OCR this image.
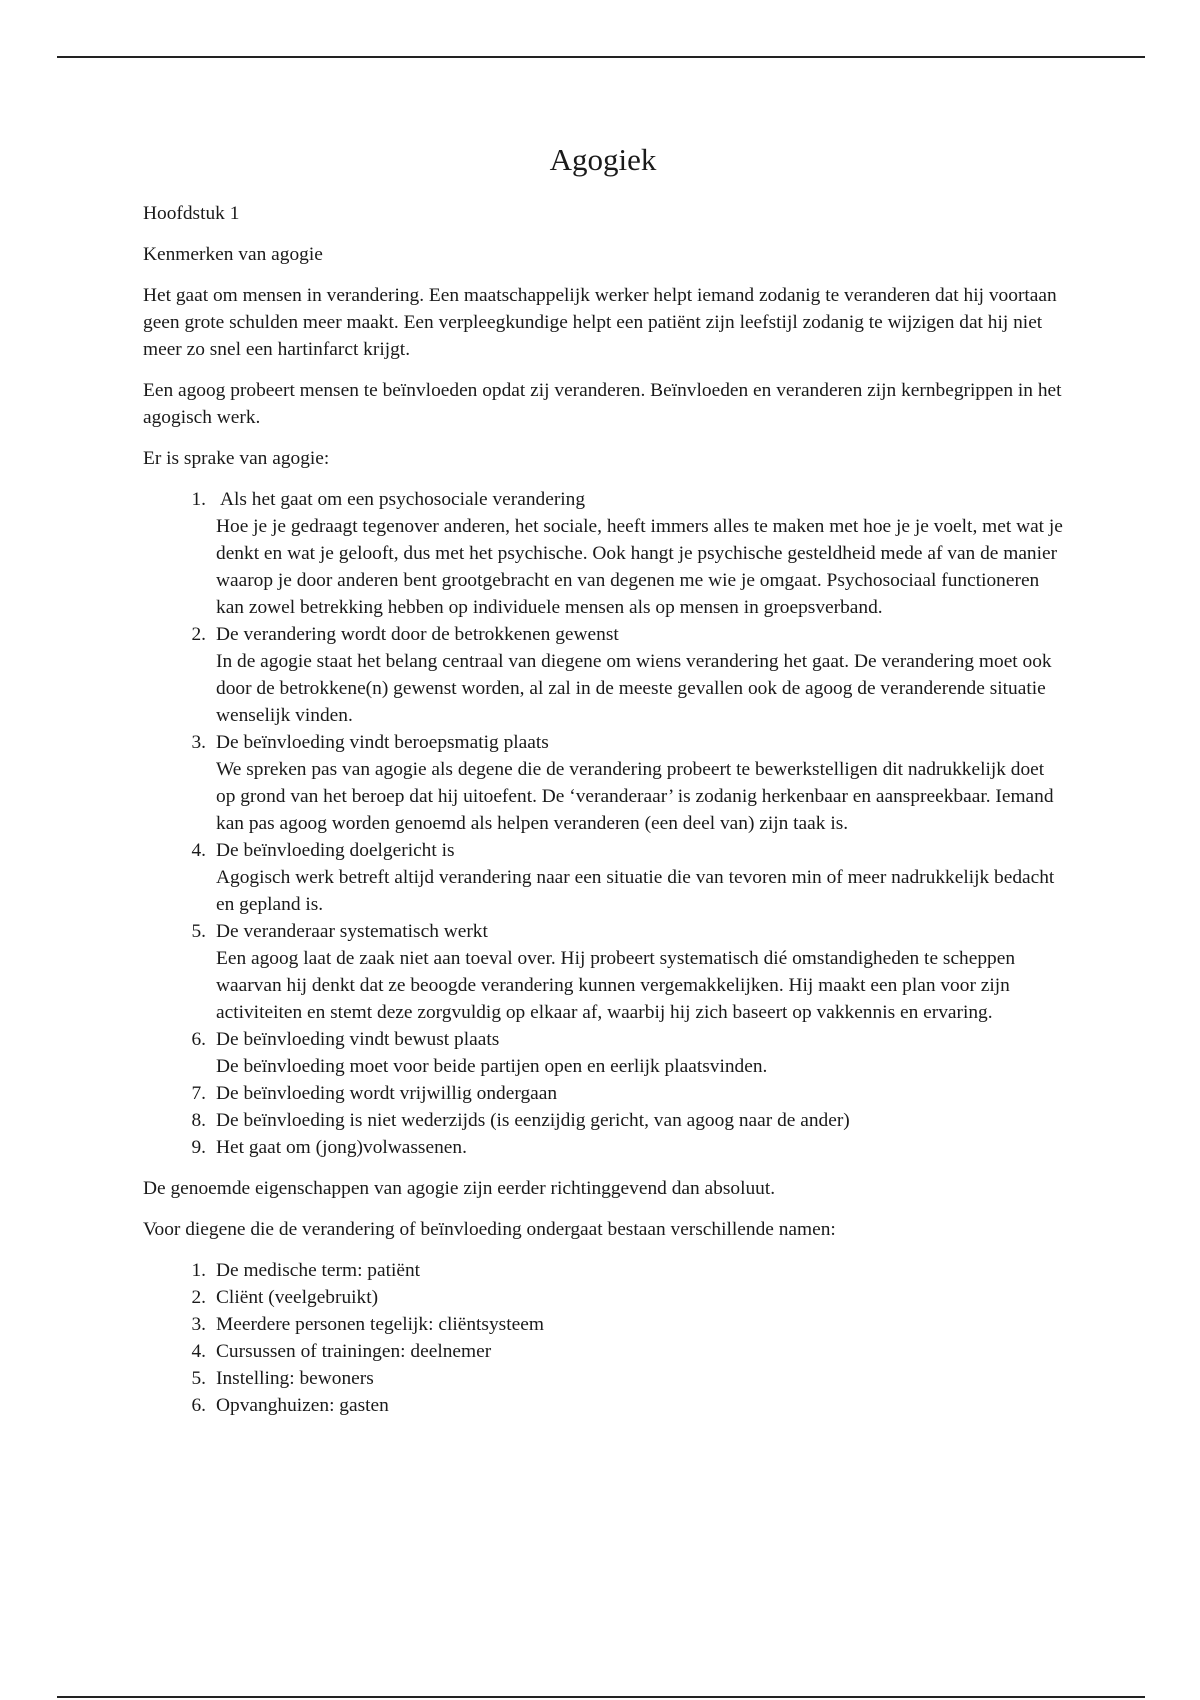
Agogiek

Hoofdstuk 1

Kenmerken van agogie

Het gaat om mensen in verandering. Een maatschappelijk werker helpt iemand zodanig te veranderen dat hij voortaan geen grote schulden meer maakt. Een verpleegkundige helpt een patiënt zijn leefstijl zodanig te wijzigen dat hij niet meer zo snel een hartinfarct krijgt.

Een agoog probeert mensen te beïnvloeden opdat zij veranderen. Beïnvloeden en veranderen zijn kernbegrippen in het agogisch werk.

Er is sprake van agogie:

1. Als het gaat om een psychosociale verandering
Hoe je je gedraagt tegenover anderen, het sociale, heeft immers alles te maken met hoe je je voelt, met wat je denkt en wat je gelooft, dus met het psychische. Ook hangt je psychische gesteldheid mede af van de manier waarop je door anderen bent grootgebracht en van degenen me wie je omgaat. Psychosociaal functioneren kan zowel betrekking hebben op individuele mensen als op mensen in groepsverband.
2. De verandering wordt door de betrokkenen gewenst
In de agogie staat het belang centraal van diegene om wiens verandering het gaat. De verandering moet ook door de betrokkene(n) gewenst worden, al zal in de meeste gevallen ook de agoog de veranderende situatie wenselijk vinden.
3. De beïnvloeding vindt beroepsmatig plaats
We spreken pas van agogie als degene die de verandering probeert te bewerkstelligen dit nadrukkelijk doet op grond van het beroep dat hij uitoefent. De ‘veranderaar’ is zodanig herkenbaar en aanspreekbaar. Iemand kan pas agoog worden genoemd als helpen veranderen (een deel van) zijn taak is.
4. De beïnvloeding doelgericht is
Agogisch werk betreft altijd verandering naar een situatie die van tevoren min of meer nadrukkelijk bedacht en gepland is.
5. De veranderaar systematisch werkt
Een agoog laat de zaak niet aan toeval over. Hij probeert systematisch dié omstandigheden te scheppen waarvan hij denkt dat ze beoogde verandering kunnen vergemakkelijken. Hij maakt een plan voor zijn activiteiten en stemt deze zorgvuldig op elkaar af, waarbij hij zich baseert op vakkennis en ervaring.
6. De beïnvloeding vindt bewust plaats
De beïnvloeding moet voor beide partijen open en eerlijk plaatsvinden.
7. De beïnvloeding wordt vrijwillig ondergaan
8. De beïnvloeding is niet wederzijds (is eenzijdig gericht, van agoog naar de ander)
9. Het gaat om (jong)volwassenen.

De genoemde eigenschappen van agogie zijn eerder richtinggevend dan absoluut.

Voor diegene die de verandering of beïnvloeding ondergaat bestaan verschillende namen:

1. De medische term: patiënt
2. Cliënt (veelgebruikt)
3. Meerdere personen tegelijk: cliëntsysteem
4. Cursussen of trainingen: deelnemer
5. Instelling: bewoners
6. Opvanghuizen: gasten
